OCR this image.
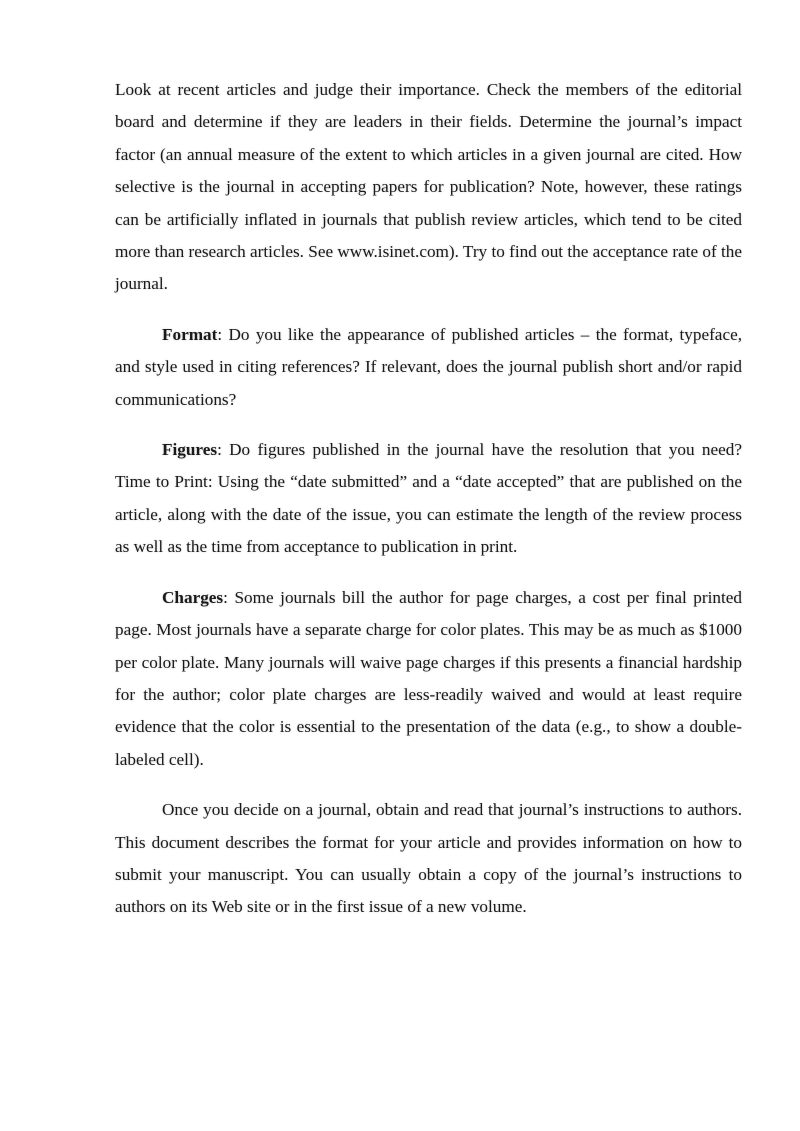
Look at recent articles and judge their importance. Check the members of the editorial board and determine if they are leaders in their fields. Determine the journal’s impact factor (an annual measure of the extent to which articles in a given journal are cited. How selective is the journal in accepting papers for publication? Note, however, these ratings can be artificially inflated in journals that publish review articles, which tend to be cited more than research articles. See www.isinet.com). Try to find out the acceptance rate of the journal.

Format: Do you like the appearance of published articles – the format, typeface, and style used in citing references? If relevant, does the journal publish short and/or rapid communications?

Figures: Do figures published in the journal have the resolution that you need? Time to Print: Using the “date submitted” and a “date accepted” that are published on the article, along with the date of the issue, you can estimate the length of the review process as well as the time from acceptance to publication in print.

Charges: Some journals bill the author for page charges, a cost per final printed page. Most journals have a separate charge for color plates. This may be as much as $1000 per color plate. Many journals will waive page charges if this presents a financial hardship for the author; color plate charges are less-readily waived and would at least require evidence that the color is essential to the presentation of the data (e.g., to show a double-labeled cell).

Once you decide on a journal, obtain and read that journal’s instructions to authors. This document describes the format for your article and provides information on how to submit your manuscript. You can usually obtain a copy of the journal’s instructions to authors on its Web site or in the first issue of a new volume.
